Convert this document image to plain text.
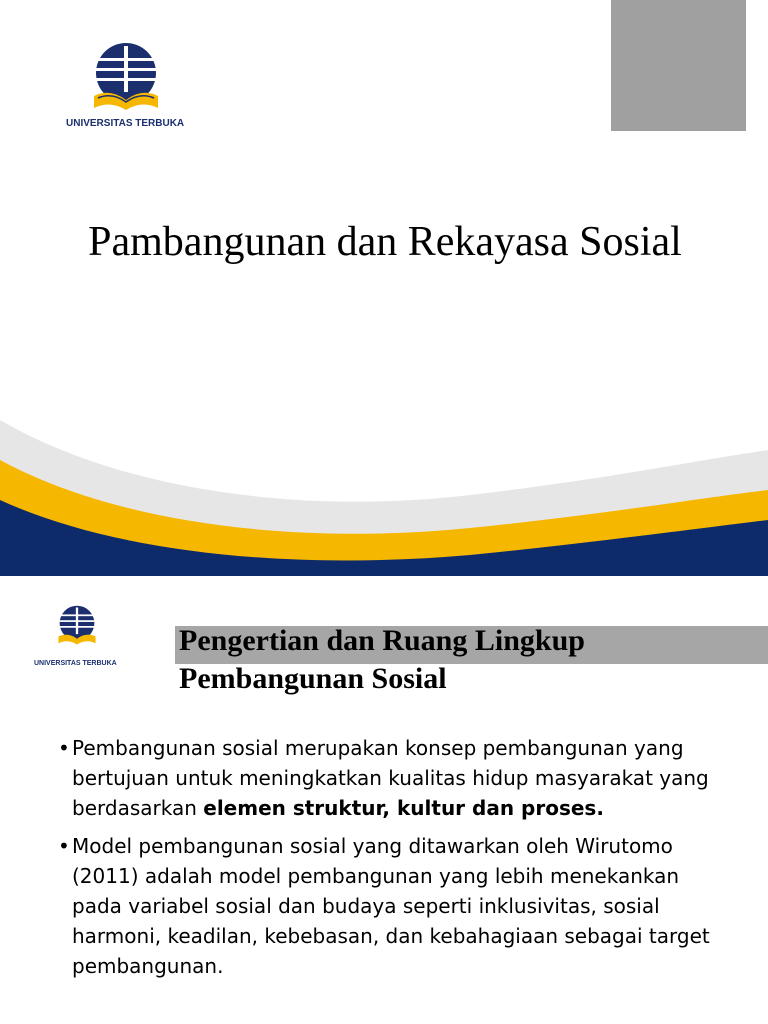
UNIVERSITAS TERBUKA
Pambangunan dan Rekayasa Sosial
UNIVERSITAS TERBUKA
Pengertian dan Ruang Lingkup Pembangunan Sosial
• Pembangunan sosial merupakan konsep pembangunan yang bertujuan untuk meningkatkan kualitas hidup masyarakat yang berdasarkan elemen struktur, kultur dan proses.
• Model pembangunan sosial yang ditawarkan oleh Wirutomo (2011) adalah model pembangunan yang lebih menekankan pada variabel sosial dan budaya seperti inklusivitas, sosial harmoni, keadilan, kebebasan, dan kebahagiaan sebagai target pembangunan.
